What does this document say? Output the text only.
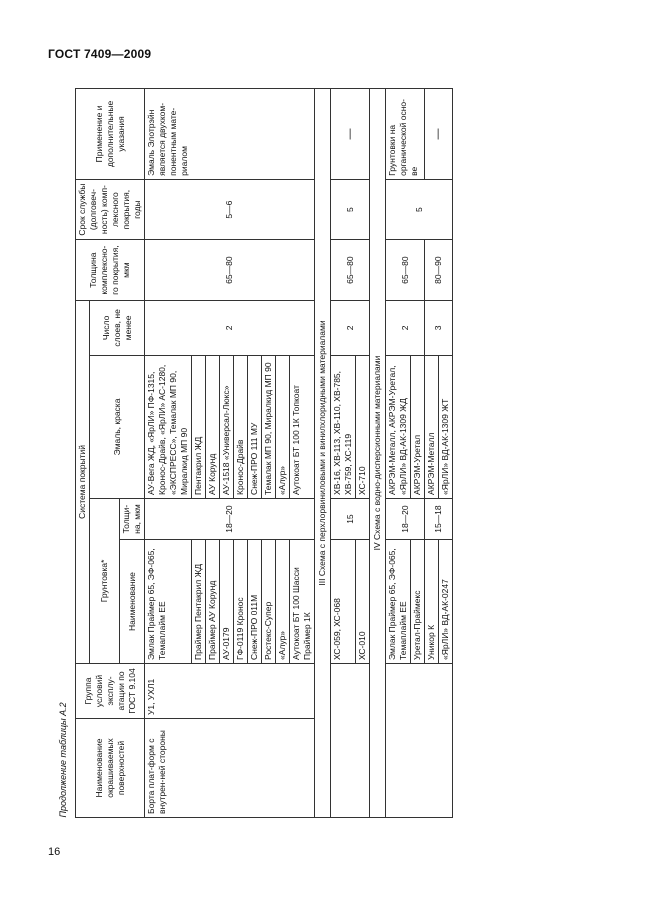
ГОСТ 7409—2009
16
Продолжение таблицы А.2								
Наименование окрашиваемых поверхностей	Группа условий эксплу-атации по ГОСТ 9.104	Система покрытий				Толщина комплексно-го покрытия, мкм	Срок службы (долговеч-ность) комп-лексного покрытия, годы	Применение и дополнительные указания
		Грунтовка*		Эмаль, краска	Число слоев, не менее			
		Наименование	Толщи-на, мкм					
Борта плат-форм с внутрен-ней стороны	У1, УХЛ1	Эмлак Праймер 65, ЭФ-065, Темаплайм ЕЕ	18—20	АУ-Вега ЖД, «ЯрЛИ» ПФ-1315, Кронос-Драйв, «ЯрЛИ» АС-1280, «ЭКСПРЕСС», Темалак МП 90, Миралкид МП 90	2	65—80	5—6	Эмаль Элотрэйн является двухком-понентным мате-риалом
		Праймер Пентакрил ЖД		Пентакрил ЖД				
		Праймер АУ Корунд		АУ Корунд				
		АУ-0179		АУ-1518 «Универсал-Люкс»				
		ГФ-0119 Кронос		Кронос-Драйв				
		Снеж-ПРО 011М		Снеж-ПРО 111 МУ				
		Ростекс-Супер		Темалак МП 90, Миралкид МП 90				
		«Алур»		«Алур»				
		Аутокоат БТ 100 Шасси Праймер 1К		Аутокоат БТ 100 1К Топкоат				
III Схема с перхлорвиниловыми и винилхлоридными материалами								
		ХС-059, ХС-068	15	ХВ-16, ХВ-113, ХВ-110, ХВ-785, ХВ-759, ХС-119	2	65—80	5	—
		ХС-010		ХС-710				
IV Схема с водно-дисперсионными материалами								
		Эмлак Праймер 65, ЭФ-065, Темаплайм ЕЕ	18—20	АКРЭМ-Металл, АКРЭМ-Уретал, «ЯрЛИ» ВД-АК-1309 ЖД	2	65—80	5	Грунтовки на органической осно-ве
		Уретал-Праймекс		АКРЭМ-Уретал				
		Уникор К	15—18	АКРЭМ-Металл	3	80—90		—
		«ЯрЛИ» ВД-АК-0247		«ЯрЛИ» ВД-АК-1309 ЖТ				
